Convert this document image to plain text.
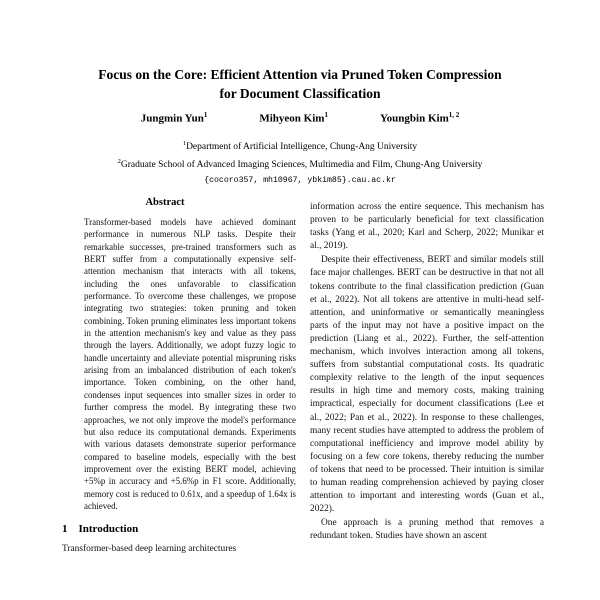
Focus on the Core: Efficient Attention via Pruned Token Compression
for Document Classification
Jungmin Yun$^1$	Mihyeon Kim$^1$	Youngbin Kim$^{1, 2}$
$^1$Department of Artificial Intelligence, Chung-Ang University
$^2$Graduate School of Advanced Imaging Sciences, Multimedia and Film, Chung-Ang University
{cocoro357, mh10967, ybkim85}.cau.ac.kr
Abstract
Transformer-based models have achieved dominant performance in numerous NLP tasks. Despite their remarkable successes, pre-trained transformers such as BERT suffer from a computationally expensive self-attention mechanism that interacts with all tokens, including the ones unfavorable to classification performance. To overcome these challenges, we propose integrating two strategies: token pruning and token combining. Token pruning eliminates less important tokens in the attention mechanism's key and value as they pass through the layers. Additionally, we adopt fuzzy logic to handle uncertainty and alleviate potential mispruning risks arising from an imbalanced distribution of each token's importance. Token combining, on the other hand, condenses input sequences into smaller sizes in order to further compress the model. By integrating these two approaches, we not only improve the model's performance but also reduce its computational demands. Experiments with various datasets demonstrate superior performance compared to baseline models, especially with the best improvement over the existing BERT model, achieving +5%p in accuracy and +5.6%p in F1 score. Additionally, memory cost is reduced to 0.61x, and a speedup of 1.64x is achieved.
1 Introduction

Transformer-based deep learning architectures

information across the entire sequence. This mechanism has proven to be particularly beneficial for text classification tasks (Yang et al., 2020; Karl and Scherp, 2022; Munikar et al., 2019).

Despite their effectiveness, BERT and similar models still face major challenges. BERT can be destructive in that not all tokens contribute to the final classification prediction (Guan et al., 2022). Not all tokens are attentive in multi-head self-attention, and uninformative or semantically meaningless parts of the input may not have a positive impact on the prediction (Liang et al., 2022). Further, the self-attention mechanism, which involves interaction among all tokens, suffers from substantial computational costs. Its quadratic complexity relative to the length of the input sequences results in high time and memory costs, making training impractical, especially for document classifications (Lee et al., 2022; Pan et al., 2022). In response to these challenges, many recent studies have attempted to address the problem of computational inefficiency and improve model ability by focusing on a few core tokens, thereby reducing the number of tokens that need to be processed. Their intuition is similar to human reading comprehension achieved by paying closer attention to important and interesting words (Guan et al., 2022).

One approach is a pruning method that removes a redundant token. Studies have shown an ascent
